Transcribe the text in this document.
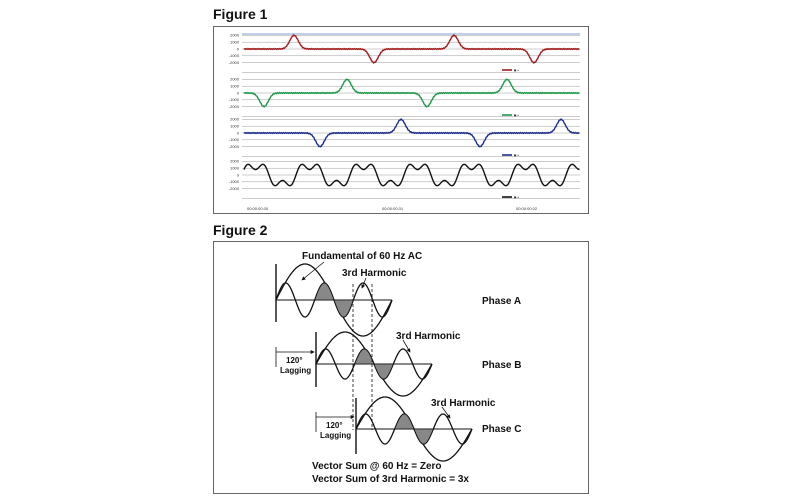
Figure 1
2000
1000
0
-1000
-2000
2000
1000
0
-1000
-2000
2000
1000
0
-1000
-2000
2000
1000
0
-1000
-2000
■ ▪
■ ▪
■ ▪
■ ▪
00:00:00.00	00:00:00.01	00:00:00.02
Figure 2
Fundamental of 60 Hz AC
3rd Harmonic
3rd Harmonic
3rd Harmonic
Phase A
Phase B
Phase C
120°
Lagging
120°
Lagging
Vector Sum @ 60 Hz = Zero
Vector Sum of 3rd Harmonic = 3x
